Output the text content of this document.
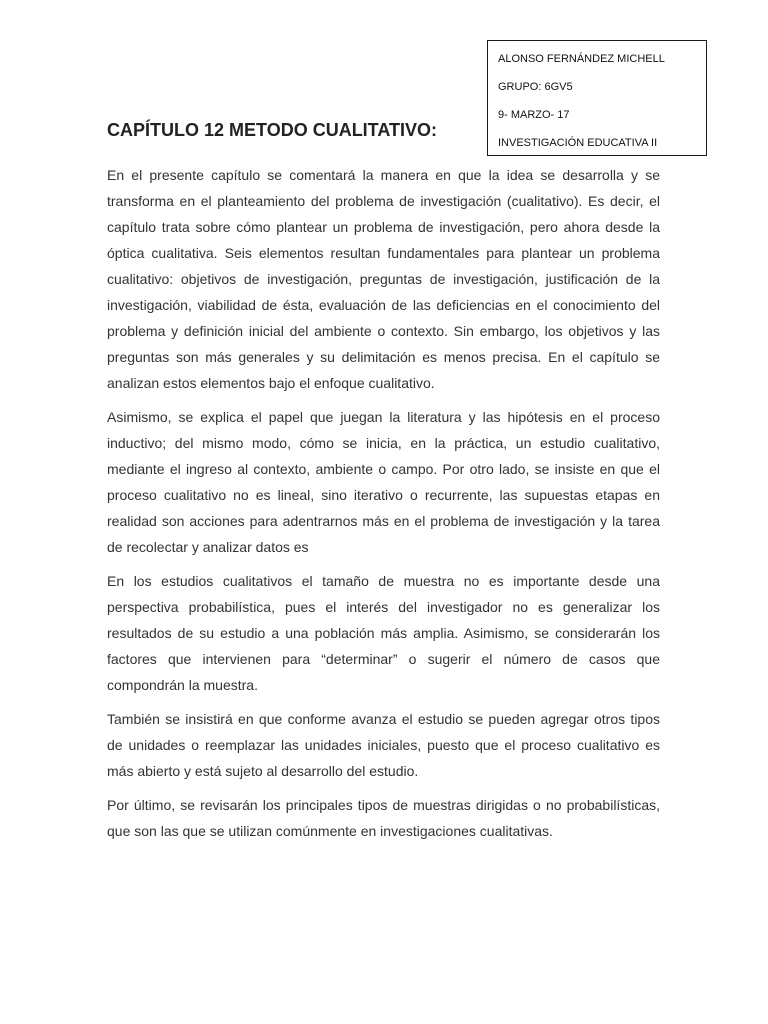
ALONSO FERNÁNDEZ MICHELL
GRUPO: 6GV5
9- MARZO- 17
INVESTIGACIÓN EDUCATIVA II
CAPÍTULO 12 METODO CUALITATIVO:

En el presente capítulo se comentará la manera en que la idea se desarrolla y se transforma en el planteamiento del problema de investigación (cualitativo). Es decir, el capítulo trata sobre cómo plantear un problema de investigación, pero ahora desde la óptica cualitativa. Seis elementos resultan fundamentales para plantear un problema cualitativo: objetivos de investigación, preguntas de investigación, justificación de la investigación, viabilidad de ésta, evaluación de las deficiencias en el conocimiento del problema y definición inicial del ambiente o contexto. Sin embargo, los objetivos y las preguntas son más generales y su delimitación es menos precisa. En el capítulo se analizan estos elementos bajo el enfoque cualitativo.

Asimismo, se explica el papel que juegan la literatura y las hipótesis en el proceso inductivo; del mismo modo, cómo se inicia, en la práctica, un estudio cualitativo, mediante el ingreso al contexto, ambiente o campo. Por otro lado, se insiste en que el proceso cualitativo no es lineal, sino iterativo o recurrente, las supuestas etapas en realidad son acciones para adentrarnos más en el problema de investigación y la tarea de recolectar y analizar datos es

En los estudios cualitativos el tamaño de muestra no es importante desde una perspectiva probabilística, pues el interés del investigador no es generalizar los resultados de su estudio a una población más amplia. Asimismo, se considerarán los factores que intervienen para “determinar” o sugerir el número de casos que compondrán la muestra.

También se insistirá en que conforme avanza el estudio se pueden agregar otros tipos de unidades o reemplazar las unidades iniciales, puesto que el proceso cualitativo es más abierto y está sujeto al desarrollo del estudio.

Por último, se revisarán los principales tipos de muestras dirigidas o no probabilísticas, que son las que se utilizan comúnmente en investigaciones cualitativas.
